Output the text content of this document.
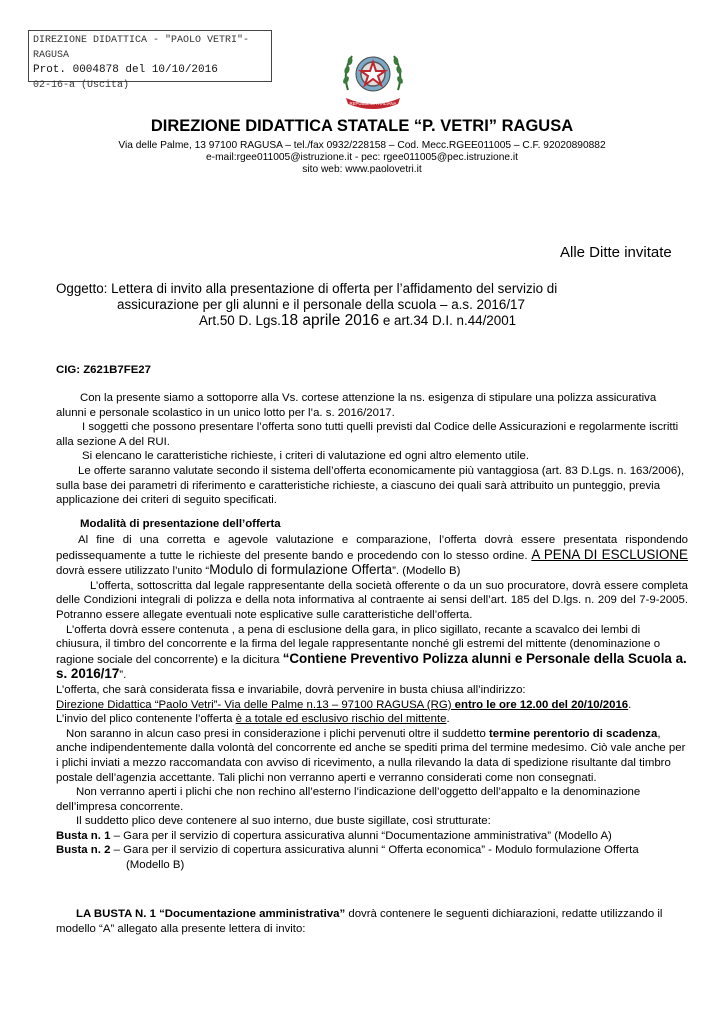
DIREZIONE DIDATTICA - "PAOLO VETRI"-RAGUSA
Prot. 0004878 del 10/10/2016
02-16-a (Uscita)
REPUBBLICA ITALIANA
DIREZIONE DIDATTICA STATALE “P. VETRI” RAGUSA
Via delle Palme, 13 97100 RAGUSA – tel./fax 0932/228158 – Cod. Mecc.RGEE011005 – C.F. 92020890882
e-mail:rgee011005@istruzione.it - pec: rgee011005@pec.istruzione.it
sito web: www.paolovetri.it
Alle Ditte invitate
Oggetto: Lettera di invito alla presentazione di offerta per l’affidamento del servizio di
assicurazione per gli alunni e il personale della scuola – a.s. 2016/17
Art.50 D. Lgs.18 aprile 2016 e art.34 D.I. n.44/2001
CIG: Z621B7FE27
Con la presente siamo a sottoporre alla Vs. cortese attenzione la ns. esigenza di stipulare una polizza assicurativa alunni e personale scolastico in un unico lotto per l’a. s. 2016/2017.
I soggetti che possono presentare l’offerta sono tutti quelli previsti dal Codice delle Assicurazioni e regolarmente iscritti alla sezione A del RUI.
Si elencano le caratteristiche richieste, i criteri di valutazione ed ogni altro elemento utile.
Le offerte saranno valutate secondo il sistema dell’offerta economicamente più vantaggiosa (art. 83 D.Lgs. n. 163/2006), sulla base dei parametri di riferimento e caratteristiche richieste, a ciascuno dei quali sarà attribuito un punteggio, previa applicazione dei criteri di seguito specificati.
Modalità di presentazione dell’offerta
Al fine di una corretta e agevole valutazione e comparazione, l’offerta dovrà essere presentata rispondendo pedissequamente a tutte le richieste del presente bando e procedendo con lo stesso ordine. A PENA DI ESCLUSIONE dovrà essere utilizzato l’unito “Modulo di formulazione Offerta”. (Modello B)
L’offerta, sottoscritta dal legale rappresentante della società offerente o da un suo procuratore, dovrà essere completa delle Condizioni integrali di polizza e della nota informativa al contraente ai sensi dell’art. 185 del D.lgs. n. 209 del 7-9-2005. Potranno essere allegate eventuali note esplicative sulle caratteristiche dell’offerta.
L’offerta dovrà essere contenuta , a pena di esclusione della gara, in plico sigillato, recante a scavalco dei lembi di chiusura, il timbro del concorrente e la firma del legale rappresentante nonché gli estremi del mittente (denominazione o ragione sociale del concorrente) e la dicitura “Contiene Preventivo Polizza alunni e Personale della Scuola a. s. 2016/17”.
L’offerta, che sarà considerata fissa e invariabile, dovrà pervenire in busta chiusa all’indirizzo:
Direzione Didattica “Paolo Vetri”- Via delle Palme n.13 – 97100 RAGUSA (RG) entro le ore 12.00 del 20/10/2016.
L’invio del plico contenente l’offerta è a totale ed esclusivo rischio del mittente.
Non saranno in alcun caso presi in considerazione i plichi pervenuti oltre il suddetto termine perentorio di scadenza, anche indipendentemente dalla volontà del concorrente ed anche se spediti prima del termine medesimo. Ciò vale anche per i plichi inviati a mezzo raccomandata con avviso di ricevimento, a nulla rilevando la data di spedizione risultante dal timbro postale dell’agenzia accettante. Tali plichi non verranno aperti e verranno considerati come non consegnati.
Non verranno aperti i plichi che non rechino all’esterno l’indicazione dell’oggetto dell’appalto e la denominazione dell’impresa concorrente.
Il suddetto plico deve contenere al suo interno, due buste sigillate, così strutturate:
Busta n. 1 – Gara per il servizio di copertura assicurativa alunni “Documentazione amministrativa” (Modello A)
Busta n. 2 – Gara per il servizio di copertura assicurativa alunni “ Offerta economica” - Modulo formulazione Offerta
(Modello B)
LA BUSTA N. 1 “Documentazione amministrativa” dovrà contenere le seguenti dichiarazioni, redatte utilizzando il modello “A” allegato alla presente lettera di invito:
